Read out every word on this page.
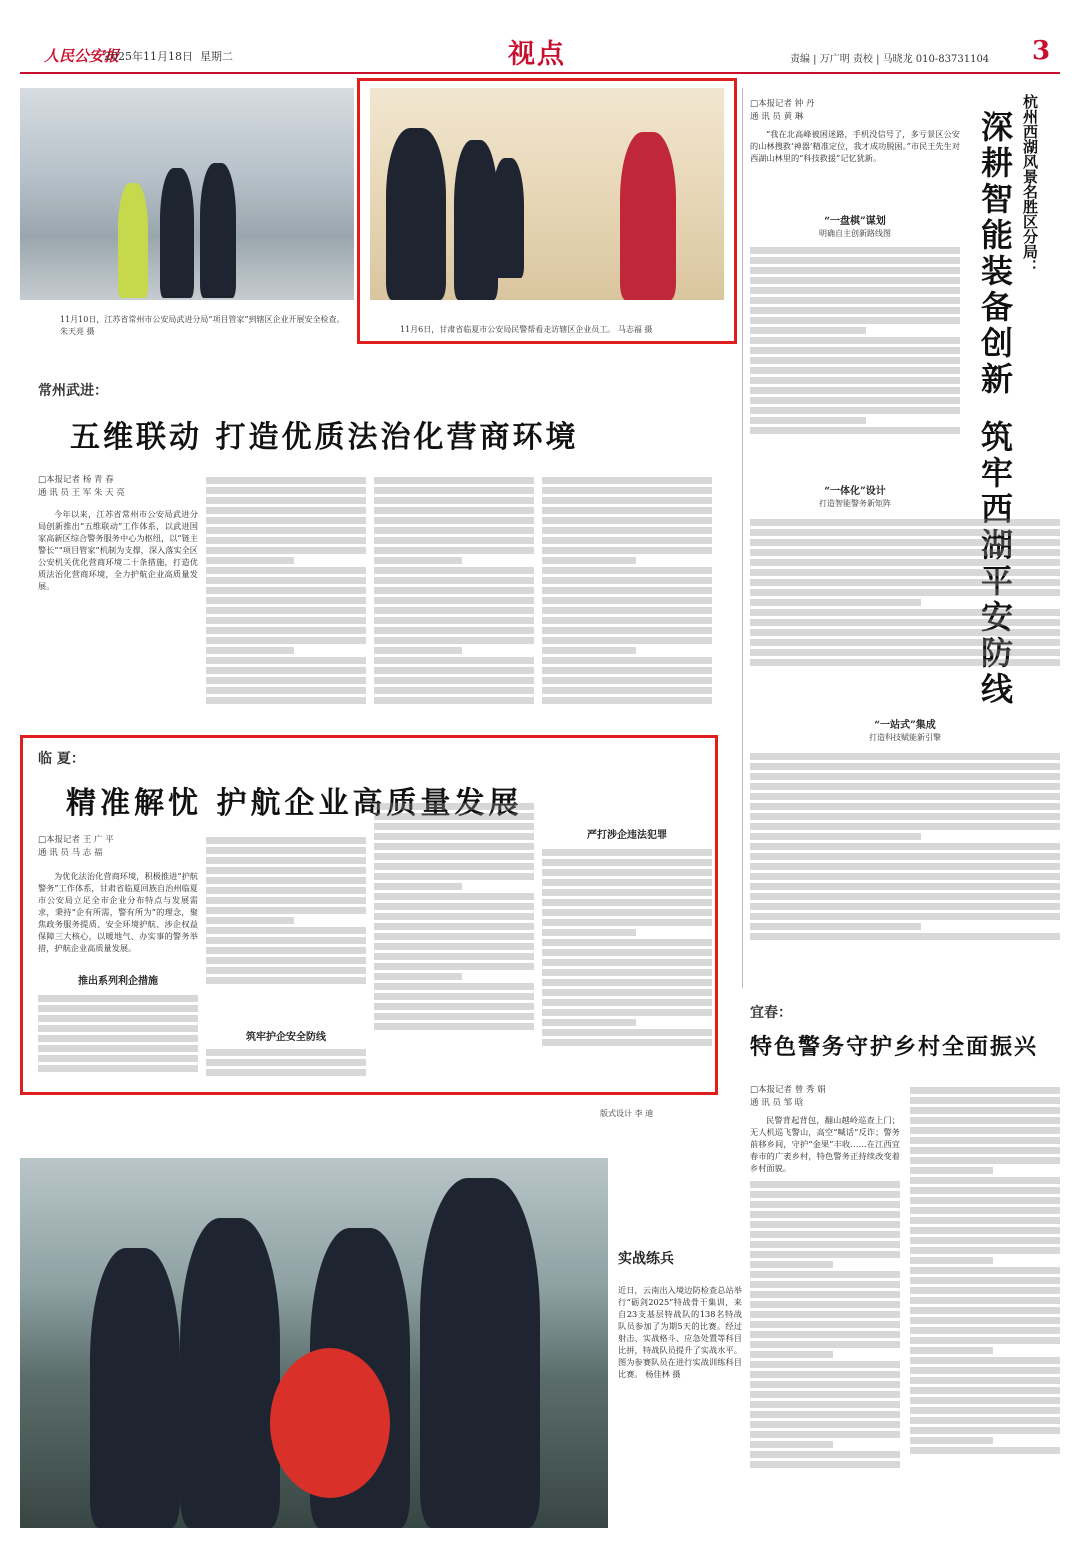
人民公安报
2025年11月18日 星期二	视点	责编 | 万广明 责校 | 马晓龙 010-83731104 3
11月10日，江苏省常州市公安局武进分局“项目管家”到辖区企业开展安全检查。 朱天亮 摄	11月6日，甘肃省临夏市公安局民警帮看走访辖区企业员工。 马志福 摄
常州武进：
五维联动 打造优质法治化营商环境
□本报记者 杨 青 春
通 讯 员 王 军 朱 天 亮
今年以来，江苏省常州市公安局武进分局创新推出“五维联动”工作体系，以武进国家高新区综合警务服务中心为枢纽，以“链主警长”“项目管家”机制为支撑，深入落实全区公安机关优化营商环境二十条措施，打造优质法治化营商环境，全力护航企业高质量发展。
临 夏：
精准解忧 护航企业高质量发展
□本报记者 王 广 平
通 讯 员 马 志 福
为优化法治化营商环境，积极推进“护航警务”工作体系，甘肃省临夏回族自治州临夏市公安局立足全市企业分布特点与发展需求，秉持“企有所需，警有所为”的理念，聚焦政务服务提质、安全环境护航、涉企权益保障三大核心，以暖地气、办实事的警务举措，护航企业高质量发展。
推出系列利企措施
筑牢护企安全防线
严打涉企违法犯罪
版式设计 李 迪
杭州西湖风景名胜区分局：
深耕智能装备创新
筑牢西湖平安防线
□本报记者 钟 丹
通 讯 员 黄 琳
“我在北高峰被困迷路，手机没信号了，多亏景区公安的山林搜救‘神器’精准定位，我才成功脱困。”市民王先生对西湖山林里的“科技救援”记忆犹新。
“一盘棋”谋划
明确自主创新路线图
“一体化”设计
打造智能警务新矩阵
“一站式”集成
打造科技赋能新引擎
宜春：
特色警务守护乡村全面振兴
□本报记者 曾 秀 娟
通 讯 员 邹 晗
民警背起背包，翻山越岭巡查上门；无人机巡飞警山，高空“喊话”反诈；警务前移乡间，守护“金果”丰收……在江西宜春市的广袤乡村，特色警务正持续改变着乡村面貌。
实战练兵
近日，云南出入境边防检查总站举行“砺剑2025”特战骨干集训，来自23支基层特战队的138名特战队员参加了为期5天的比赛。经过射击、实战格斗、应急处置等科目比拼，特战队员提升了实战水平。图为参赛队员在进行实战训练科目比赛。 杨佳林 摄
